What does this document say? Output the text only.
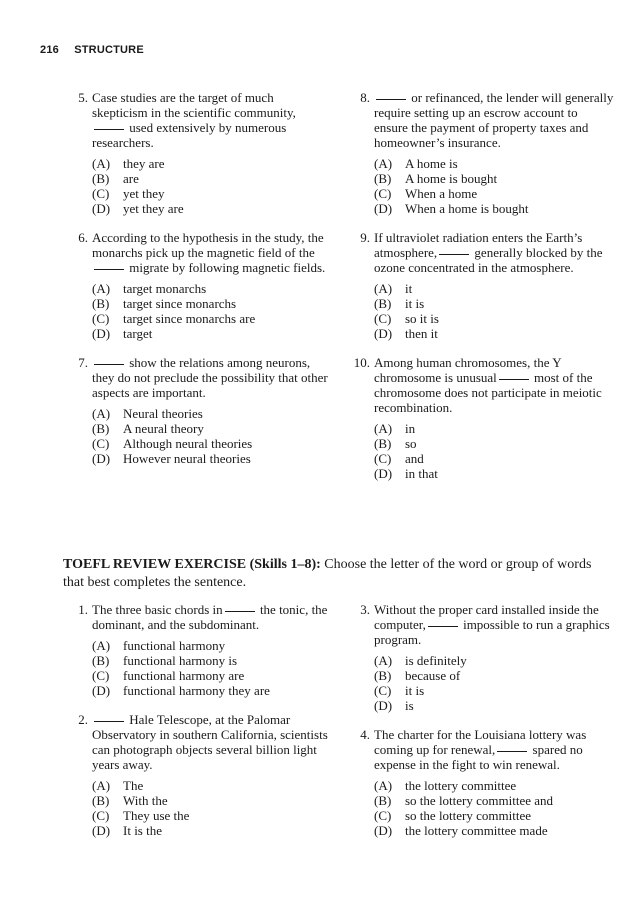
216 STRUCTURE
5. Case studies are the target of much skepticism in the scientific community,  used extensively by numerous researchers.
(A) they are
(B)	are
(C)	yet they
(D) yet they are
6. According to the hypothesis in the study, the monarchs pick up the magnetic field of the migrate by following magnetic fields.
(A) target monarchs
(B)	target since monarchs
(C)	target since monarchs are
(D) target
7.	show the relations among neurons, they do not preclude the possibility that other aspects are important.
(A) Neural theories
(B)	A neural theory
(C)	Although neural theories
(D) However neural theories
8.	or refinanced, the lender will generally require setting up an escrow account to ensure the payment of property taxes and homeowner’s insurance.
(A) A home is
(B)	A home is bought
(C)	When a home
(D) When a home is bought
9. If ultraviolet radiation enters the Earth’s atmosphere,	generally blocked by the ozone concentrated in the atmosphere.
(A) it
(B)	it is
(C)	so it is
(D) then it
10. Among human chromosomes, the Y chromosome is unusual	most of the chromosome does not participate in meiotic recombination.
(A) in
(B)	so
(C)	and
(D) in that
TOEFL REVIEW EXERCISE (Skills 1–8): Choose the letter of the word or group of words that best completes the sentence.
1. The three basic chords in	the tonic, the dominant, and the subdominant.
(A) functional harmony
(B)	functional harmony is
(C)	functional harmony are
(D) functional harmony they are
2.	Hale Telescope, at the Palomar Observatory in southern California, scientists can photograph objects several billion light years away.
(A) The
(B)	With the
(C)	They use the
(D) It is the
3. Without the proper card installed inside the computer,	impossible to run a graphics program.
(A) is definitely
(B)	because of
(C)	it is
(D) is
4. The charter for the Louisiana lottery was coming up for renewal,	spared no expense in the fight to win renewal.
(A) the lottery committee
(B)	so the lottery committee and
(C)	so the lottery committee
(D) the lottery committee made
